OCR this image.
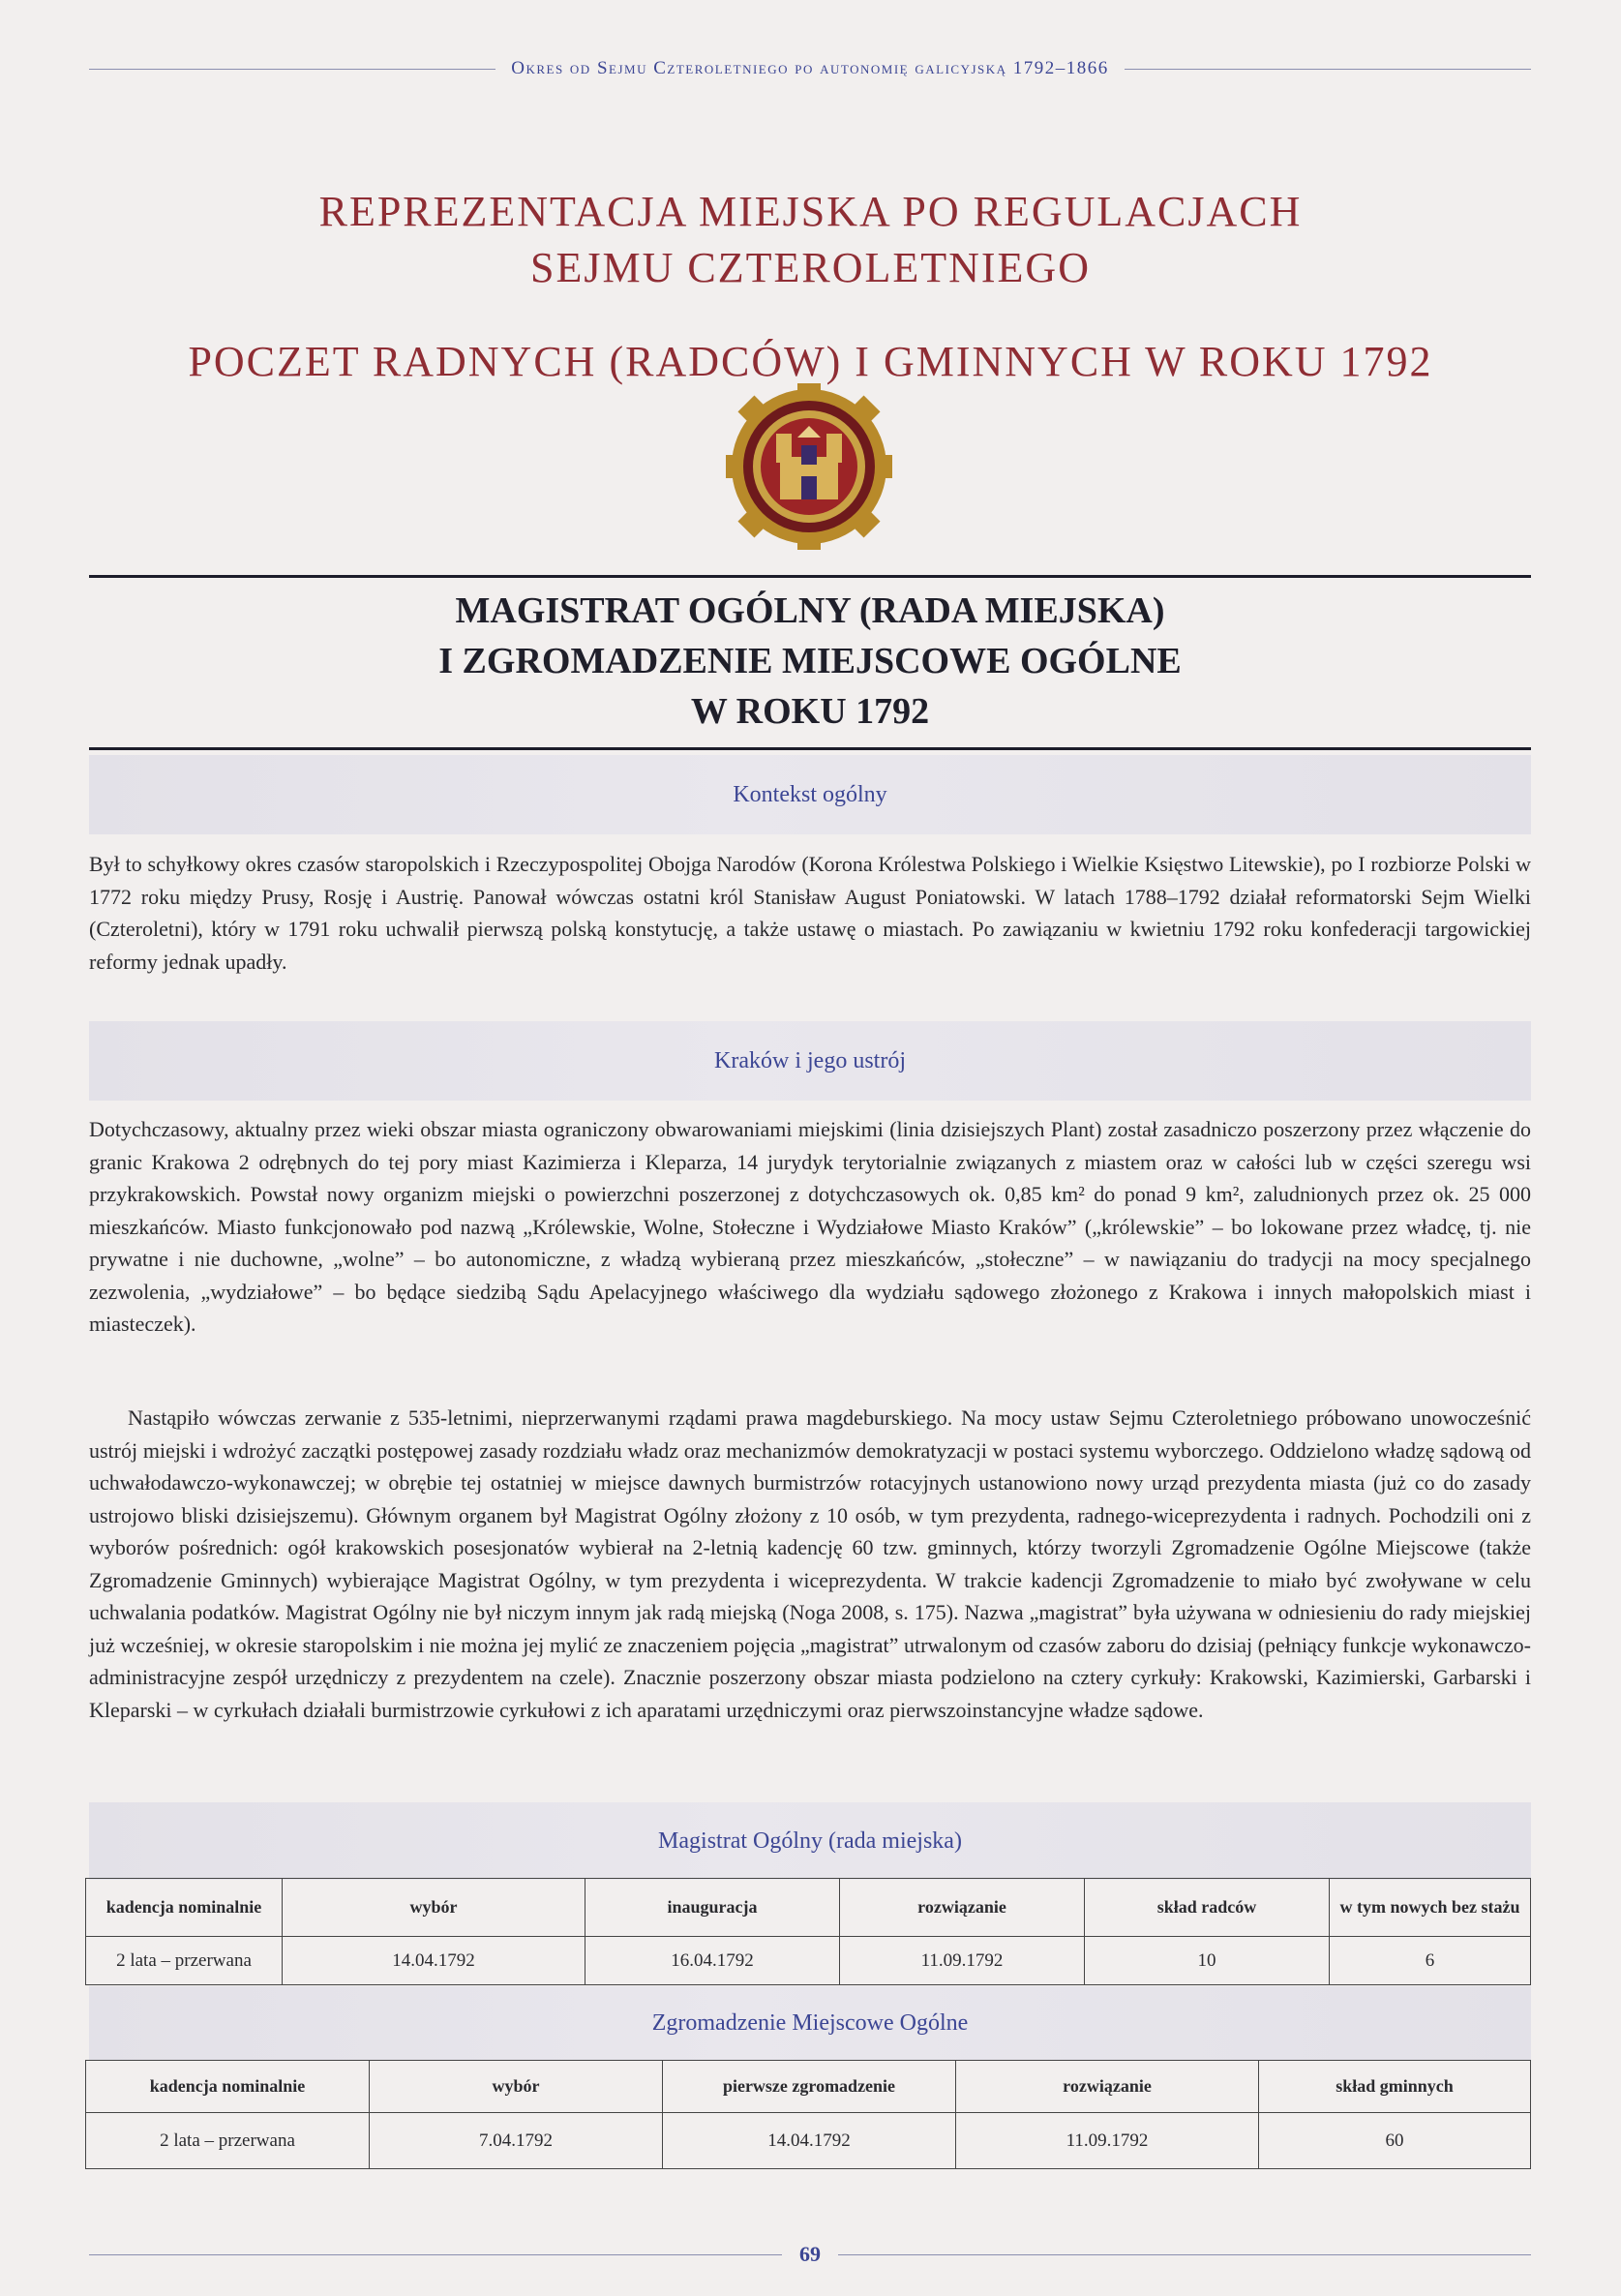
Okres od Sejmu Czteroletniego po autonomię galicyjską 1792–1866
REPREZENTACJA MIEJSKA PO REGULACJACH
SEJMU CZTEROLETNIEGO
POCZET RADNYCH (RADCÓW) I GMINNYCH W ROKU 1792
MAGISTRAT OGÓLNY (RADA MIEJSKA)
I ZGROMADZENIE MIEJSCOWE OGÓLNE
W ROKU 1792
Kontekst ogólny

Był to schyłkowy okres czasów staropolskich i Rzeczypospolitej Obojga Narodów (Korona Królestwa Polskiego i Wielkie Księstwo Litewskie), po I rozbiorze Polski w 1772 roku między Prusy, Rosję i Austrię. Panował wówczas ostatni król Stanisław August Poniatowski. W latach 1788–1792 działał reformatorski Sejm Wielki (Czteroletni), który w 1791 roku uchwalił pierwszą polską konstytucję, a także ustawę o miastach. Po zawiązaniu w kwietniu 1792 roku konfederacji targowickiej reformy jednak upadły.

Kraków i jego ustrój

Dotychczasowy, aktualny przez wieki obszar miasta ograniczony obwarowaniami miejskimi (linia dzisiejszych Plant) został zasadniczo poszerzony przez włączenie do granic Krakowa 2 odrębnych do tej pory miast Kazimierza i Kleparza, 14 jurydyk terytorialnie związanych z miastem oraz w całości lub w części szeregu wsi przykrakowskich. Powstał nowy organizm miejski o powierzchni poszerzonej z dotychczasowych ok. 0,85 km² do ponad 9 km², zaludnionych przez ok. 25 000 mieszkańców. Miasto funkcjonowało pod nazwą „Królewskie, Wolne, Stołeczne i Wydziałowe Miasto Kraków” („królewskie” – bo lokowane przez władcę, tj. nie prywatne i nie duchowne, „wolne” – bo autonomiczne, z władzą wybieraną przez mieszkańców, „stołeczne” – w nawiązaniu do tradycji na mocy specjalnego zezwolenia, „wydziałowe” – bo będące siedzibą Sądu Apelacyjnego właściwego dla wydziału sądowego złożonego z Krakowa i innych małopolskich miast i miasteczek).

Nastąpiło wówczas zerwanie z 535-letnimi, nieprzerwanymi rządami prawa magdeburskiego. Na mocy ustaw Sejmu Czteroletniego próbowano unowocześnić ustrój miejski i wdrożyć zaczątki postępowej zasady rozdziału władz oraz mechanizmów demokratyzacji w postaci systemu wyborczego. Oddzielono władzę sądową od uchwałodawczo-wykonawczej; w obrębie tej ostatniej w miejsce dawnych burmistrzów rotacyjnych ustanowiono nowy urząd prezydenta miasta (już co do zasady ustrojowo bliski dzisiejszemu). Głównym organem był Magistrat Ogólny złożony z 10 osób, w tym prezydenta, radnego-wiceprezydenta i radnych. Pochodzili oni z wyborów pośrednich: ogół krakowskich posesjonatów wybierał na 2-letnią kadencję 60 tzw. gminnych, którzy tworzyli Zgromadzenie Ogólne Miejscowe (także Zgromadzenie Gminnych) wybierające Magistrat Ogólny, w tym prezydenta i wiceprezydenta. W trakcie kadencji Zgromadzenie to miało być zwoływane w celu uchwalania podatków. Magistrat Ogólny nie był niczym innym jak radą miejską (Noga 2008, s. 175). Nazwa „magistrat” była używana w odniesieniu do rady miejskiej już wcześniej, w okresie staropolskim i nie można jej mylić ze znaczeniem pojęcia „magistrat” utrwalonym od czasów zaboru do dzisiaj (pełniący funkcje wykonawczo-administracyjne zespół urzędniczy z prezydentem na czele). Znacznie poszerzony obszar miasta podzielono na cztery cyrkuły: Krakowski, Kazimierski, Garbarski i Kleparski – w cyrkułach działali burmistrzowie cyrkułowi z ich aparatami urzędniczymi oraz pierwszoinstancyjne władze sądowe.

Magistrat Ogólny (rada miejska)
kadencja nominalnie	wybór	inauguracja	rozwiązanie	skład radców	w tym nowych bez stażu
2 lata – przerwana	14.04.1792	16.04.1792	11.09.1792	10	6
Zgromadzenie Miejscowe Ogólne
kadencja nominalnie	wybór	pierwsze zgromadzenie	rozwiązanie	skład gminnych
2 lata – przerwana	7.04.1792	14.04.1792	11.09.1792	60
69
